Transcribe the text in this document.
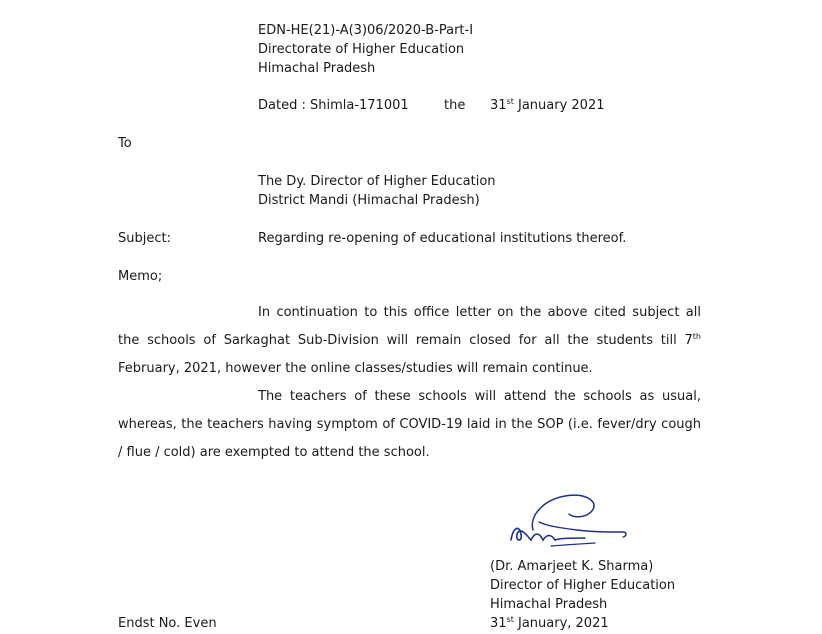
EDN-HE(21)-A(3)06/2020-B-Part-I
Directorate of Higher Education
Himachal Pradesh
Dated : Shimla-171001	the 31st January 2021
To
The Dy. Director of Higher Education
District Mandi (Himachal Pradesh)
Subject:	Regarding re-opening of educational institutions thereof.
Memo;
In continuation to this office letter on the above cited subject all the schools of Sarkaghat Sub-Division will remain closed for all the students till 7th February, 2021, however the online classes/studies will remain continue.
The teachers of these schools will attend the schools as usual, whereas, the teachers having symptom of COVID-19 laid in the SOP (i.e. fever/dry cough / flue / cold) are exempted to attend the school.
(Dr. Amarjeet K. Sharma)
Director of Higher Education
Himachal Pradesh
31st January, 2021
Endst No. Even
